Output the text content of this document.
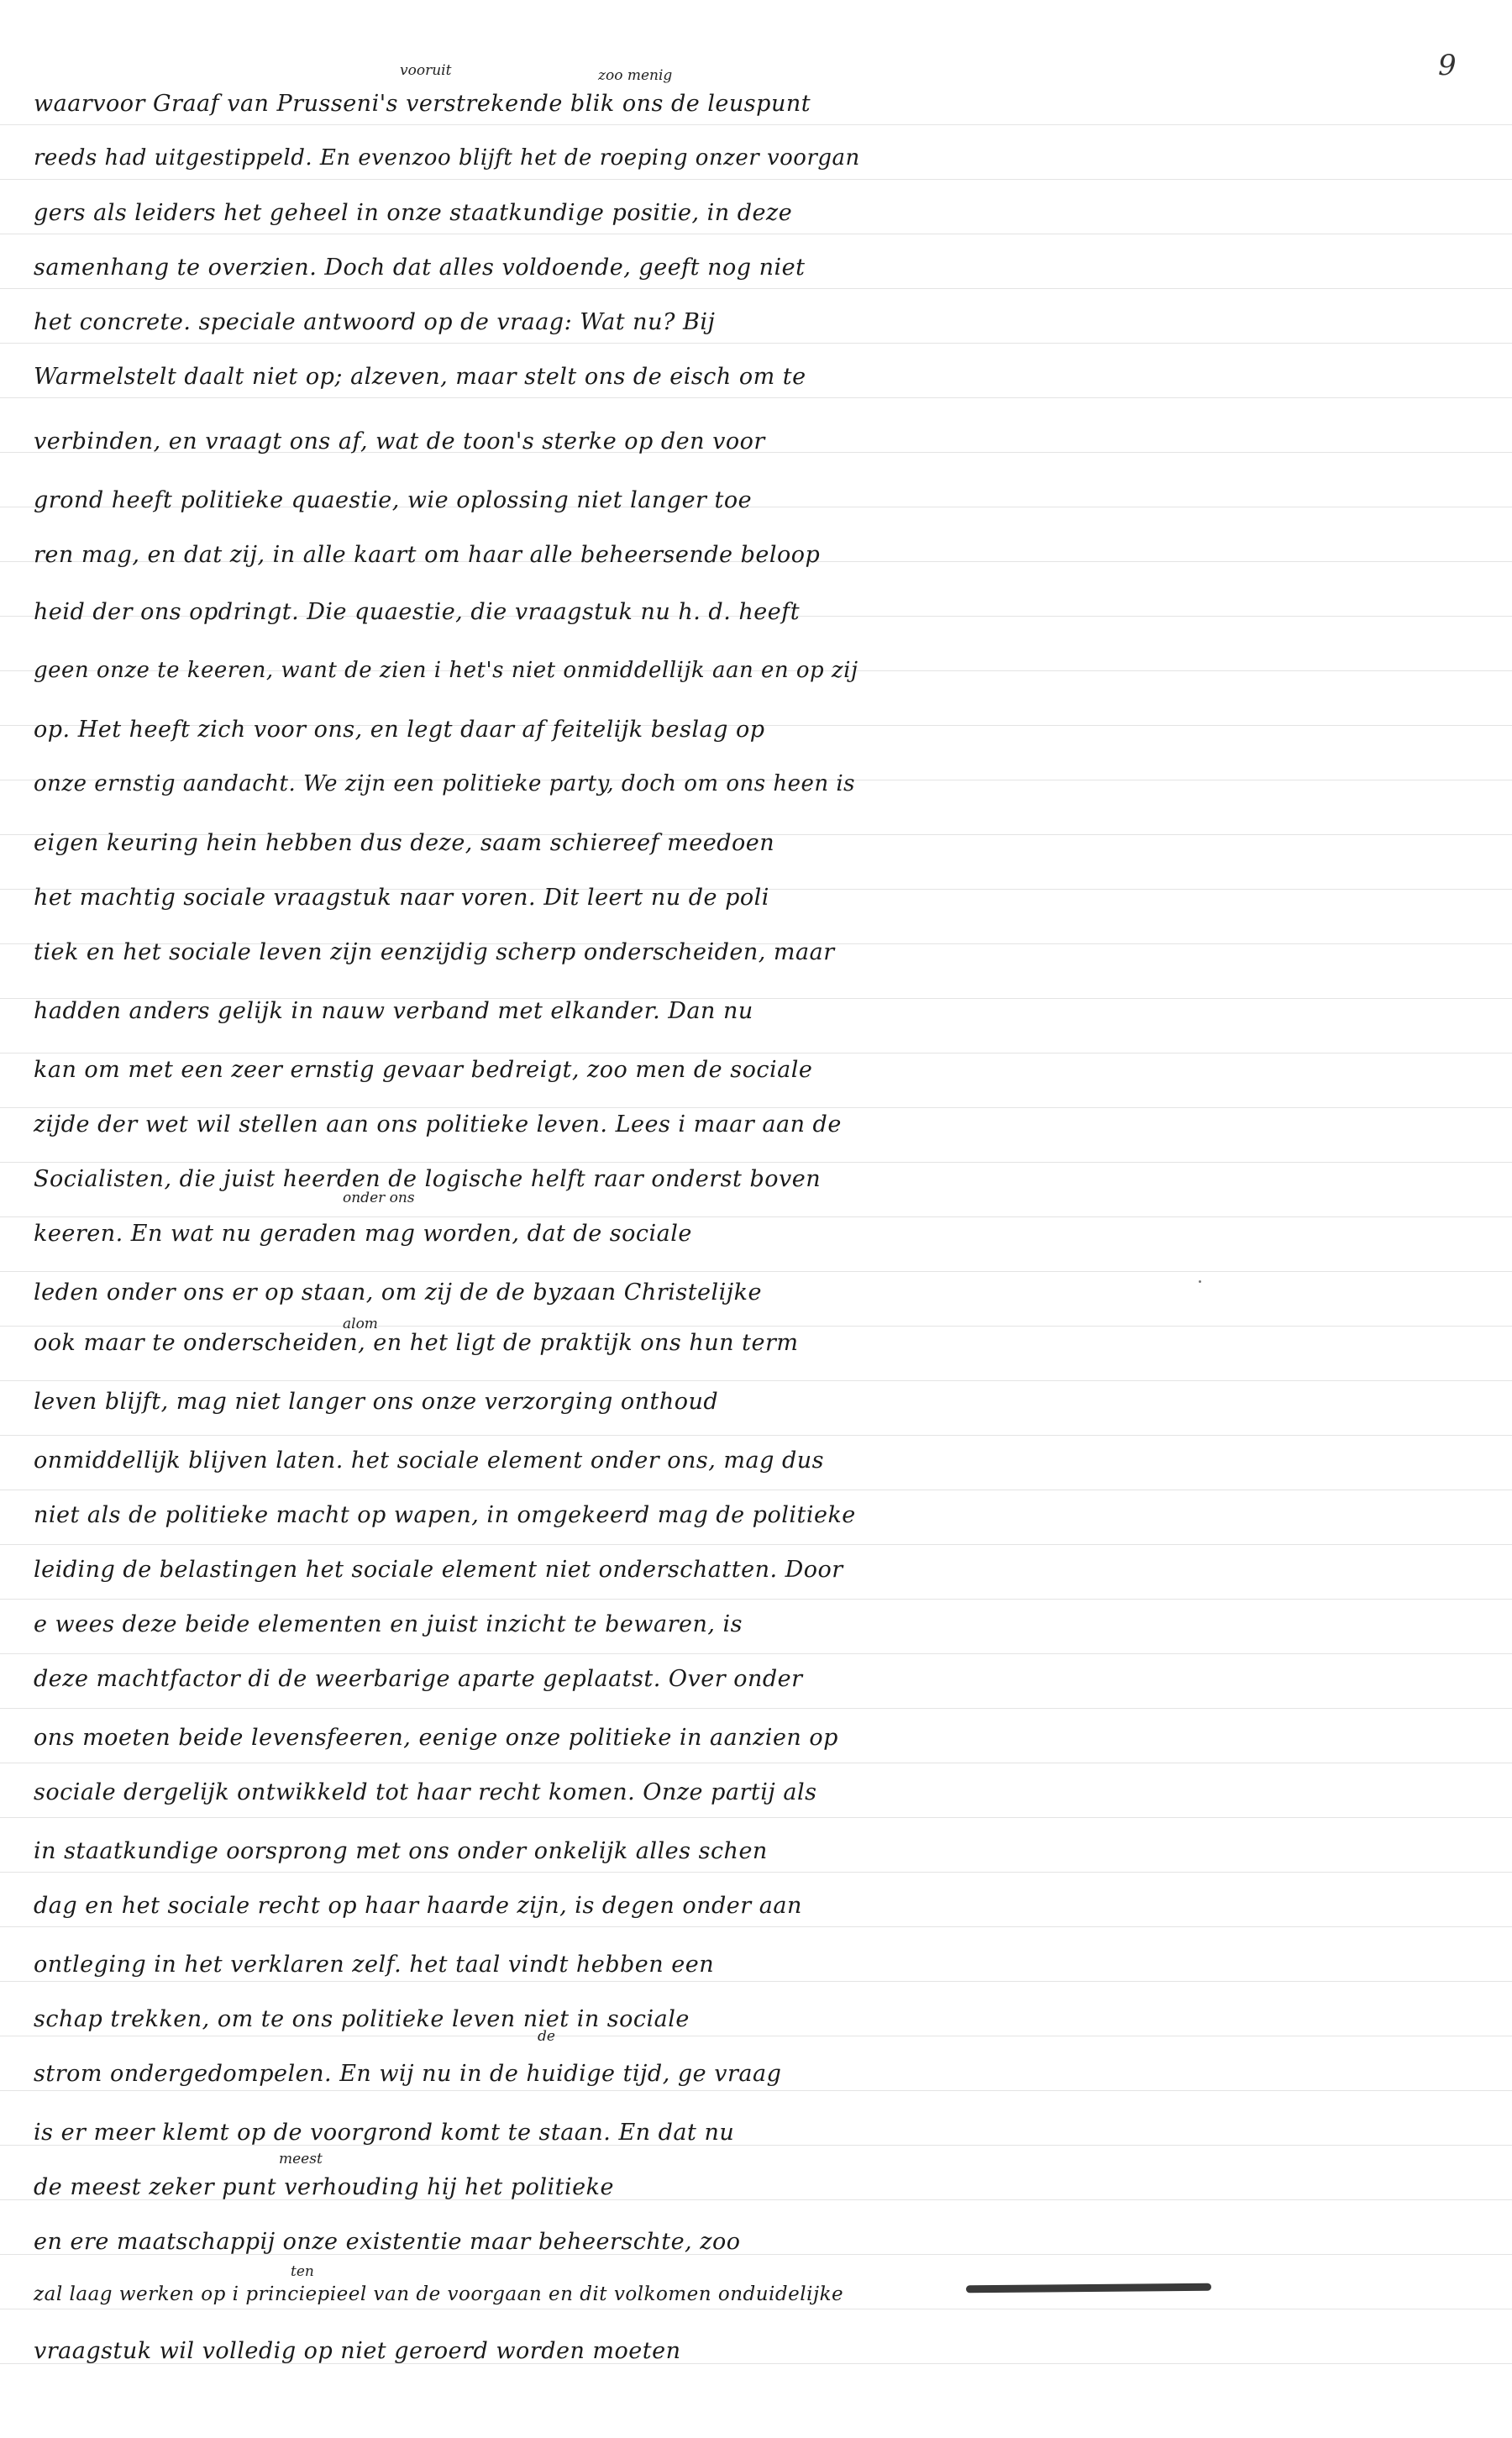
9
vooruit	zoo menig
onder ons
alom
de
meest
ten
waarvoor Graaf van Prusseni's verstrekende blik ons de leuspunt
reeds had uitgestippeld. En evenzoo blijft het de roeping onzer voorgan
gers als leiders het geheel in onze staatkundige positie, in deze
samenhang te overzien. Doch dat alles voldoende, geeft nog niet
het concrete. speciale antwoord op de vraag: Wat nu? Bij
Warmelstelt daalt niet op; alzeven, maar stelt ons de eisch om te
verbinden, en vraagt ons af, wat de toon's sterke op den voor
grond heeft politieke quaestie, wie oplossing niet langer toe
ren mag, en dat zij, in alle kaart om haar alle beheersende beloop
heid der ons opdringt. Die quaestie, die vraagstuk nu h. d. heeft
geen onze te keeren, want de zien i het's niet onmiddellijk aan en op zij
op. Het heeft zich voor ons, en legt daar af feitelijk beslag op
onze ernstig aandacht. We zijn een politieke party, doch om ons heen is
eigen keuring hein hebben dus deze, saam schiereef meedoen
het machtig sociale vraagstuk naar voren. Dit leert nu de poli
tiek en het sociale leven zijn eenzijdig scherp onderscheiden, maar
hadden anders gelijk in nauw verband met elkander. Dan nu
kan om met een zeer ernstig gevaar bedreigt, zoo men de sociale
zijde der wet wil stellen aan ons politieke leven. Lees i maar aan de
Socialisten, die juist heerden de logische helft raar onderst boven
keeren. En wat nu geraden mag worden, dat de sociale
leden onder ons er op staan, om zij de de byzaan Christelijke
ook maar te onderscheiden, en het ligt de praktijk ons hun term
leven blijft, mag niet langer ons onze verzorging onthoud
onmiddellijk blijven laten. het sociale element onder ons, mag dus
niet als de politieke macht op wapen, in omgekeerd mag de politieke
leiding de belastingen het sociale element niet onderschatten. Door
e wees deze beide elementen en juist inzicht te bewaren, is
deze machtfactor di de weerbarige aparte geplaatst. Over onder
ons moeten beide levensfeeren, eenige onze politieke in aanzien op
sociale dergelijk ontwikkeld tot haar recht komen. Onze partij als
in staatkundige oorsprong met ons onder onkelijk alles schen
dag en het sociale recht op haar haarde zijn, is degen onder aan
ontleging in het verklaren zelf. het taal vindt hebben een
schap trekken, om te ons politieke leven niet in sociale
strom ondergedompelen. En wij nu in de huidige tijd, ge vraag
is er meer klemt op de voorgrond komt te staan. En dat nu
de meest zeker punt verhouding hij het politieke
en ere maatschappij onze existentie maar beheerschte, zoo
zal laag werken op i princiepieel van de voorgaan en dit volkomen onduidelijke
vraagstuk wil volledig op niet geroerd worden moeten
